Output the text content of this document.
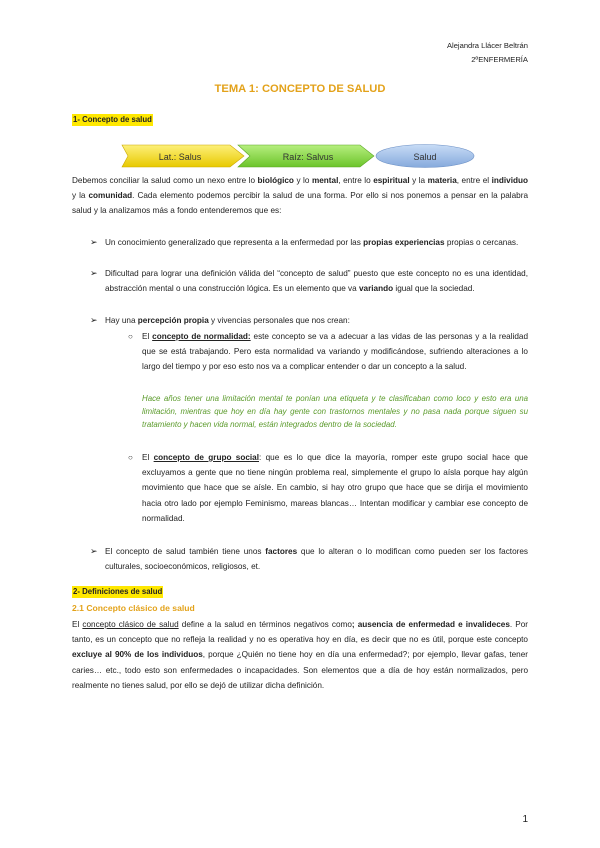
Alejandra Llácer Beltrán
2ºENFERMERÍA
TEMA 1: CONCEPTO DE SALUD
1- Concepto de salud
Lat.: Salus	Raíz: Salvus	Salud
Debemos conciliar la salud como un nexo entre lo biológico y lo mental, entre lo espiritual y la materia, entre el individuo y la comunidad. Cada elemento podemos percibir la salud de una forma. Por ello si nos ponemos a pensar en la palabra salud y la analizamos más a fondo entenderemos que es:
➢ Un conocimiento generalizado que representa a la enfermedad por las propias experiencias propias o cercanas.
➢ Dificultad para lograr una definición válida del “concepto de salud” puesto que este concepto no es una identidad, abstracción mental o una construcción lógica. Es un elemento que va variando igual que la sociedad.
➢ Hay una percepción propia y vivencias personales que nos crean:
○ El concepto de normalidad: este concepto se va a adecuar a las vidas de las personas y a la realidad que se está trabajando. Pero esta normalidad va variando y modificándose, sufriendo alteraciones a lo largo del tiempo y por eso esto nos va a complicar entender o dar un concepto a la salud.
Hace años tener una limitación mental te ponían una etiqueta y te clasificaban como loco y esto era una limitación, mientras que hoy en día hay gente con trastornos mentales y no pasa nada porque siguen su tratamiento y hacen vida normal, están integrados dentro de la sociedad.
○ El concepto de grupo social: que es lo que dice la mayoría, romper este grupo social hace que excluyamos a gente que no tiene ningún problema real, simplemente el grupo lo aísla porque hay algún movimiento que hace que se aísle. En cambio, si hay otro grupo que hace que se dirija el movimiento hacia otro lado por ejemplo Feminismo, mareas blancas… Intentan modificar y cambiar ese concepto de normalidad.
➢ El concepto de salud también tiene unos factores que lo alteran o lo modifican como pueden ser los factores culturales, socioeconómicos, religiosos, et.
2- Definiciones de salud
2.1 Concepto clásico de salud
El concepto clásico de salud define a la salud en términos negativos como; ausencia de enfermedad e invalideces. Por tanto, es un concepto que no refleja la realidad y no es operativa hoy en día, es decir que no es útil, porque este concepto excluye al 90% de los individuos, porque ¿Quién no tiene hoy en día una enfermedad?; por ejemplo, llevar gafas, tener caries… etc., todo esto son enfermedades o incapacidades. Son elementos que a día de hoy están normalizados, pero realmente no tienes salud, por ello se dejó de utilizar dicha definición.
1
